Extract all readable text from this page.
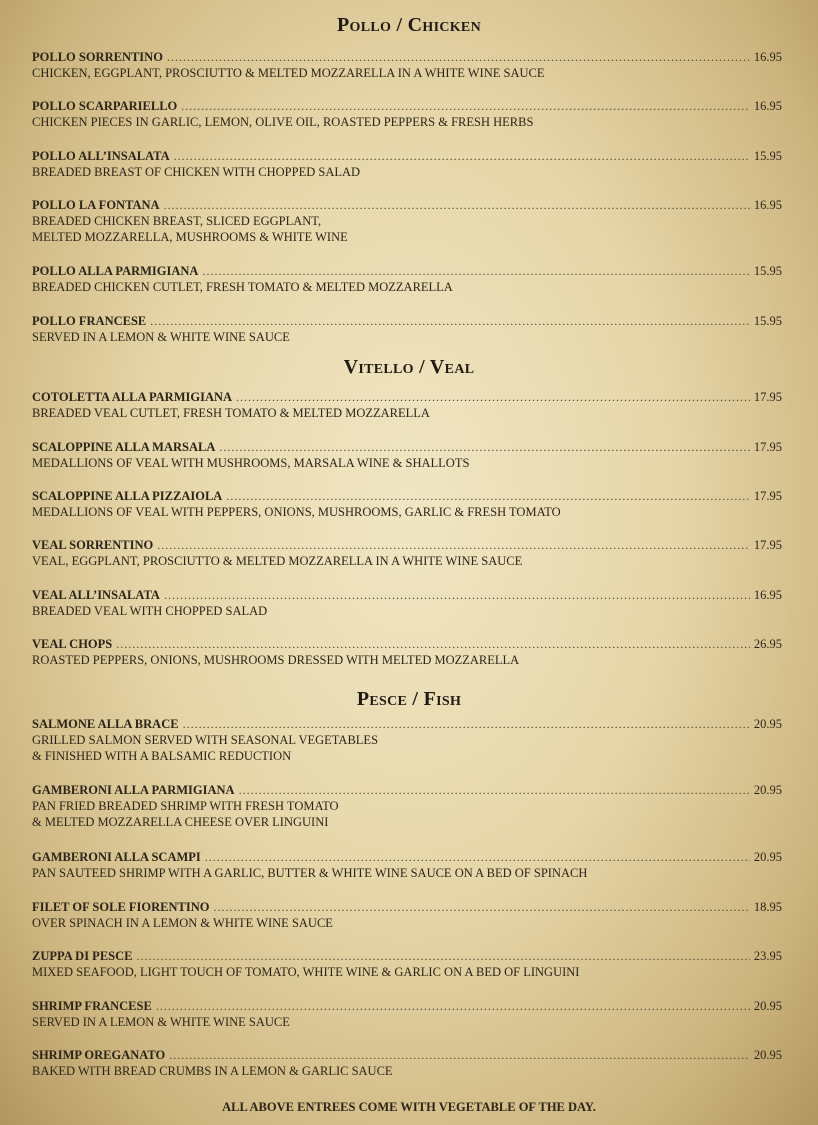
Pollo / Chicken
POLLO SORRENTINO .....	16.95
CHICKEN, EGGPLANT, PROSCIUTTO & MELTED MOZZARELLA IN A WHITE WINE SAUCE
POLLO SCARPARIELLO .....	16.95
CHICKEN PIECES IN GARLIC, LEMON, OLIVE OIL, ROASTED PEPPERS & FRESH HERBS
POLLO ALL’INSALATA .....	15.95
BREADED BREAST OF CHICKEN WITH CHOPPED SALAD
POLLO LA FONTANA .....	16.95
BREADED CHICKEN BREAST, SLICED EGGPLANT,
MELTED MOZZARELLA, MUSHROOMS & WHITE WINE
POLLO ALLA PARMIGIANA .....	15.95
BREADED CHICKEN CUTLET, FRESH TOMATO & MELTED MOZZARELLA
POLLO FRANCESE .....	15.95
SERVED IN A LEMON & WHITE WINE SAUCE
Vitello / Veal
COTOLETTA ALLA PARMIGIANA .....	17.95
BREADED VEAL CUTLET, FRESH TOMATO & MELTED MOZZARELLA
SCALOPPINE ALLA MARSALA .....	17.95
MEDALLIONS OF VEAL WITH MUSHROOMS, MARSALA WINE & SHALLOTS
SCALOPPINE ALLA PIZZAIOLA .....	17.95
MEDALLIONS OF VEAL WITH PEPPERS, ONIONS, MUSHROOMS, GARLIC & FRESH TOMATO
VEAL SORRENTINO .....	17.95
VEAL, EGGPLANT, PROSCIUTTO & MELTED MOZZARELLA IN A WHITE WINE SAUCE
VEAL ALL’INSALATA .....	16.95
BREADED VEAL WITH CHOPPED SALAD
VEAL CHOPS .....	26.95
ROASTED PEPPERS, ONIONS, MUSHROOMS DRESSED WITH MELTED MOZZARELLA
Pesce / Fish
SALMONE ALLA BRACE .....	20.95
GRILLED SALMON SERVED WITH SEASONAL VEGETABLES
& FINISHED WITH A BALSAMIC REDUCTION
GAMBERONI ALLA PARMIGIANA .....	20.95
PAN FRIED BREADED SHRIMP WITH FRESH TOMATO
& MELTED MOZZARELLA CHEESE OVER LINGUINI
GAMBERONI ALLA SCAMPI .....	20.95
PAN SAUTEED SHRIMP WITH A GARLIC, BUTTER & WHITE WINE SAUCE ON A BED OF SPINACH
FILET OF SOLE FIORENTINO .....	18.95
OVER SPINACH IN A LEMON & WHITE WINE SAUCE
ZUPPA DI PESCE .....	23.95
MIXED SEAFOOD, LIGHT TOUCH OF TOMATO, WHITE WINE & GARLIC ON A BED OF LINGUINI
SHRIMP FRANCESE .....	20.95
SERVED IN A LEMON & WHITE WINE SAUCE
SHRIMP OREGANATO .....	20.95
BAKED WITH BREAD CRUMBS IN A LEMON & GARLIC SAUCE
ALL ABOVE ENTREES COME WITH VEGETABLE OF THE DAY.
